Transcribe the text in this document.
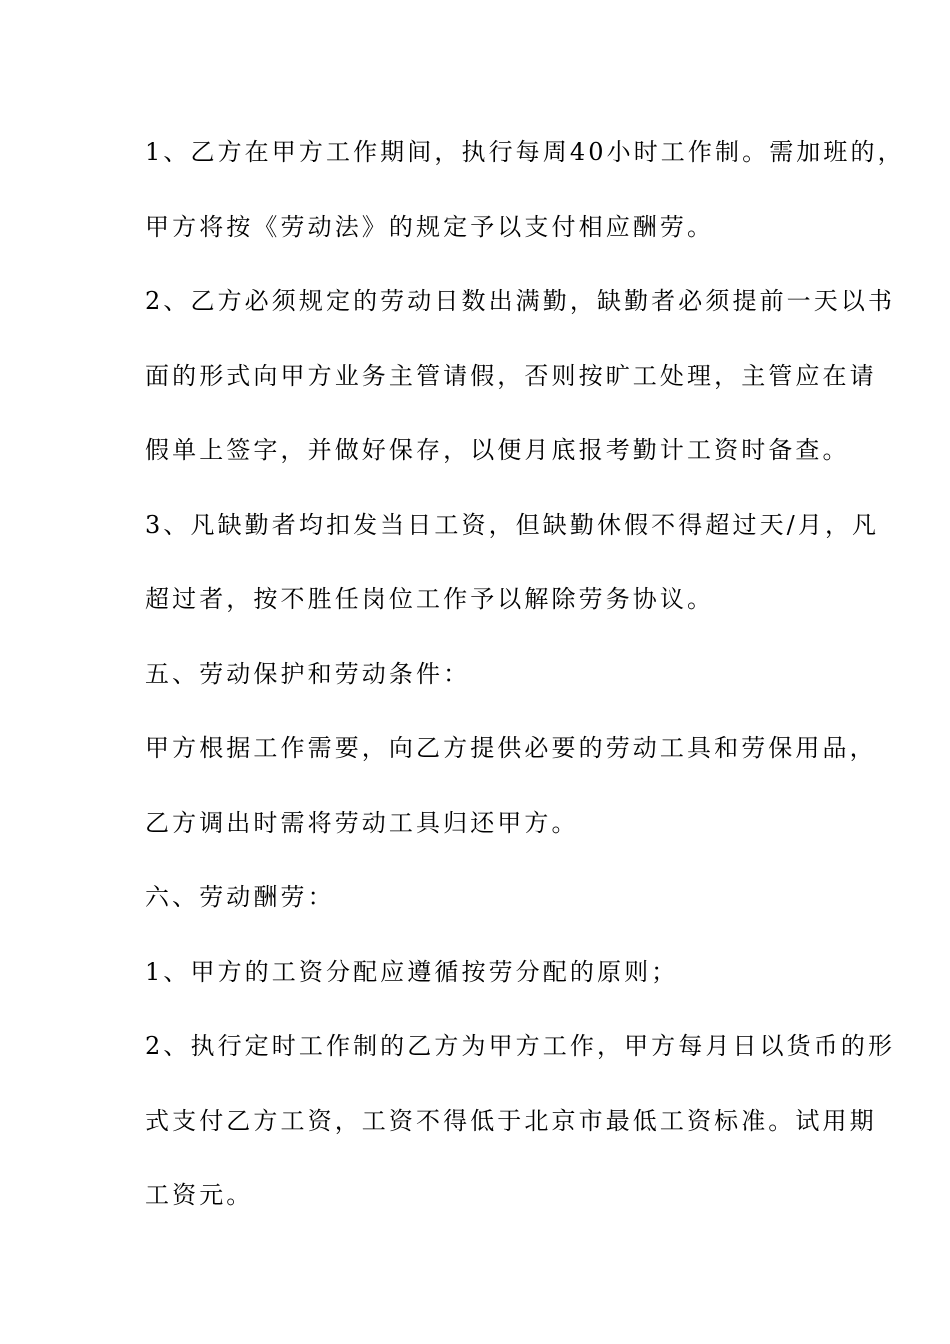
1、乙方在甲方工作期间，执行每周40小时工作制。需加班的，
甲方将按《劳动法》的规定予以支付相应酬劳。
2、乙方必须规定的劳动日数出满勤，缺勤者必须提前一天以书
面的形式向甲方业务主管请假，否则按旷工处理，主管应在请
假单上签字，并做好保存，以便月底报考勤计工资时备查。
3、凡缺勤者均扣发当日工资，但缺勤休假不得超过天/月，凡
超过者，按不胜任岗位工作予以解除劳务协议。
五、劳动保护和劳动条件：
甲方根据工作需要，向乙方提供必要的劳动工具和劳保用品，
乙方调出时需将劳动工具归还甲方。
六、劳动酬劳：
1、甲方的工资分配应遵循按劳分配的原则；
2、执行定时工作制的乙方为甲方工作，甲方每月日以货币的形
式支付乙方工资，工资不得低于北京市最低工资标准。试用期
工资元。
